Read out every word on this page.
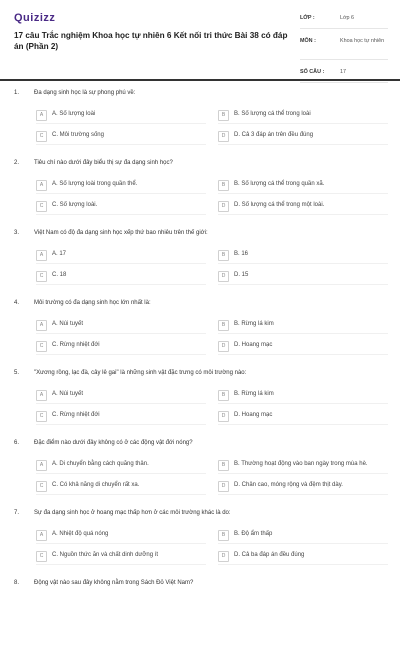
Quizizz
17 câu Trắc nghiệm Khoa học tự nhiên 6 Kết nối tri thức Bài 38 có đáp án (Phần 2)
LỚP :	Lớp 6
MÔN :	Khoa học tự nhiên
SỐ CÂU :	17
1. Đa dạng sinh học là sự phong phú về:
A	A. Số lượng loài	B	B. Số lượng cá thể trong loài
C	C. Môi trường sống	D	D. Cả 3 đáp án trên đều đúng
2. Tiêu chí nào dưới đây biểu thị sự đa dạng sinh học?
A	A. Số lượng loài trong quần thể.	B	B. Số lượng cá thể trong quần xã.
C	C. Số lượng loài.	D	D. Số lượng cá thể trong một loài.
3. Việt Nam có độ đa dạng sinh học xếp thứ bao nhiêu trên thế giới:
A	A. 17	B	B. 16
C	C. 18	D	D. 15
4. Môi trường có đa dạng sinh học lớn nhất là:
A	A. Núi tuyết	B	B. Rừng lá kim
C	C. Rừng nhiệt đới	D	D. Hoang mạc
5. "Xương rồng, lạc đà, cây lê gai" là những sinh vật đặc trưng có môi trường nào:
A	A. Núi tuyết	B	B. Rừng lá kim
C	C. Rừng nhiệt đới	D	D. Hoang mạc
6. Đặc điểm nào dưới đây không có ở các động vật đới nóng?
A	A. Di chuyển bằng cách quăng thân.	B	B. Thường hoạt động vào ban ngày trong mùa hè.
C	C. Có khả năng di chuyển rất xa.	D	D. Chân cao, móng rộng và đệm thịt dày.
7. Sự đa dạng sinh học ở hoang mạc thấp hơn ở các môi trường khác là do:
A	A. Nhiệt độ quá nóng	B	B. Độ ẩm thấp
C	C. Nguồn thức ăn và chất dinh dưỡng ít	D	D. Cả ba đáp án đều đúng
8. Động vật nào sau đây không nằm trong Sách Đỏ Việt Nam?
